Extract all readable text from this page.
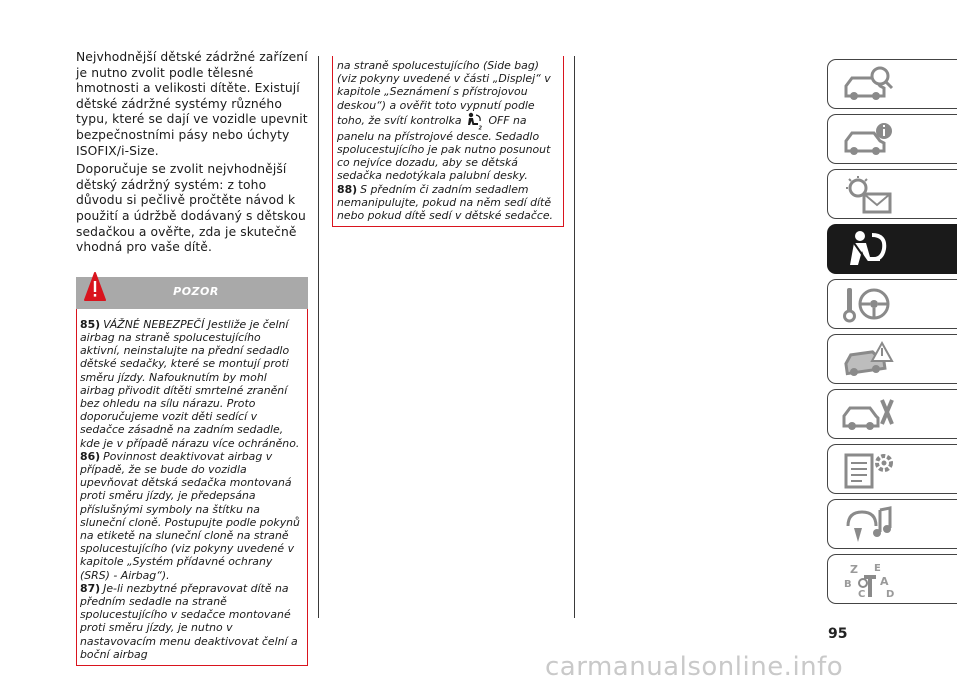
Nejvhodnější dětské zádržné zařízení je nutno zvolit podle tělesné hmotnosti a velikosti dítěte. Existují dětské zádržné systémy různého typu, které se dají ve vozidle upevnit bezpečnostními pásy nebo úchyty ISOFIX/i-Size.

Doporučuje se zvolit nejvhodnější dětský zádržný systém: z toho důvodu si pečlivě pročtěte návod k použití a údržbě dodávaný s dětskou sedačkou a ověřte, zda je skutečně vhodná pro vaše dítě.

POZOR

85) VÁŽNÉ NEBEZPEČÍ Jestliže je čelní airbag na straně spolucestujícího aktivní, neinstalujte na přední sedadlo dětské sedačky, které se montují proti směru jízdy. Nafouknutím by mohl airbag přivodit dítěti smrtelné zranění bez ohledu na sílu nárazu. Proto doporučujeme vozit děti sedící v sedačce zásadně na zadním sedadle, kde je v případě nárazu více ochráněno.

86) Povinnost deaktivovat airbag v případě, že se bude do vozidla upevňovat dětská sedačka montovaná proti směru jízdy, je předepsána příslušnými symboly na štítku na sluneční cloně. Postupujte podle pokynů na etiketě na sluneční cloně na straně spolucestujícího (viz pokyny uvedené v kapitole „Systém přídavné ochrany (SRS) - Airbag“).

87) Je-li nezbytné přepravovat dítě na předním sedadle na straně spolucestujícího v sedačce montované proti směru jízdy, je nutno v nastavovacím menu deaktivovat čelní a boční airbag

na straně spolucestujícího (Side bag) (viz pokyny uvedené v části „Displej“ v kapitole „Seznámení s přístrojovou deskou“) a ověřit toto vypnutí podle toho, že svítí kontrolka
2
OFF na panelu na přístrojové desce. Sedadlo spolucestujícího je pak nutno posunout co nejvíce dozadu, aby se dětská sedačka nedotýkala palubní desky.

88) S předním či zadním sedadlem nemanipulujte, pokud na něm sedí dítě nebo pokud dítě sedí v dětské sedačce.

Z E
B	A
C D
95
carmanualsonline.info
